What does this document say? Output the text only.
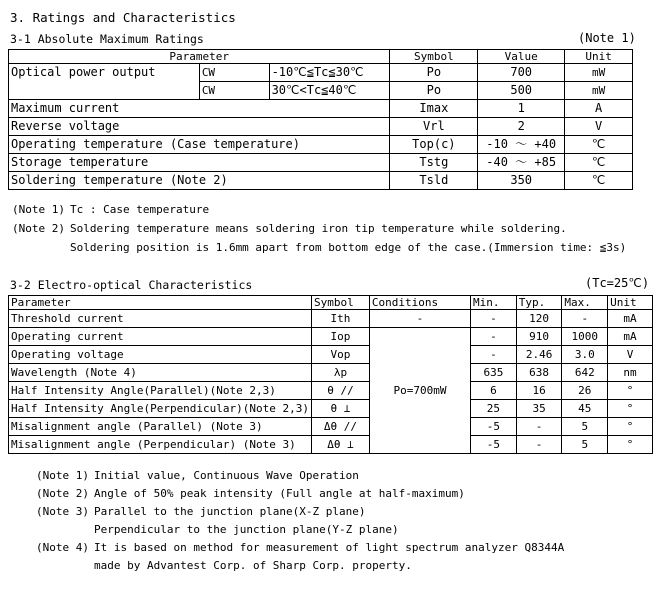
3. Ratings and Characteristics
3-1 Absolute Maximum Ratings	(Note 1)
Parameter			Symbol	Value	Unit
Optical power output	CW	-10℃≦Tc≦30℃	Po	700	mW
	CW	30℃<Tc≦40℃	Po	500	mW
Maximum current			Imax	1	A
Reverse voltage			Vrl	2	V
Operating temperature (Case temperature)			Top(c)	-10 ～ +40	℃
Storage temperature			Tstg	-40 ～ +85	℃
Soldering temperature (Note 2)			Tsld	350	℃
(Note 1) Tc : Case temperature
(Note 2) Soldering temperature means soldering iron tip temperature while soldering.
Soldering position is 1.6mm apart from bottom edge of the case.(Immersion time: ≦3s)
3-2 Electro-optical Characteristics	(Tc=25℃)
Parameter	Symbol	Conditions	Min.	Typ.	Max.	Unit
Threshold current	Ith	-	-	120	-	mA
Operating current	Iop	Po=700mW	-	910	1000	mA
Operating voltage	Vop		-	2.46	3.0	V
Wavelength (Note 4)	λp		635	638	642	nm
Half Intensity Angle(Parallel)(Note 2,3)	θ //		6	16	26	°
Half Intensity Angle(Perpendicular)(Note 2,3)	θ ⊥		25	35	45	°
Misalignment angle (Parallel) (Note 3)	Δθ //		-5	-	5	°
Misalignment angle (Perpendicular) (Note 3)	Δθ ⊥		-5	-	5	°
(Note 1) Initial value, Continuous Wave Operation
(Note 2) Angle of 50% peak intensity (Full angle at half-maximum)
(Note 3) Parallel to the junction plane(X-Z plane)
Perpendicular to the junction plane(Y-Z plane)
(Note 4) It is based on method for measurement of light spectrum analyzer Q8344A
made by Advantest Corp. of Sharp Corp. property.
